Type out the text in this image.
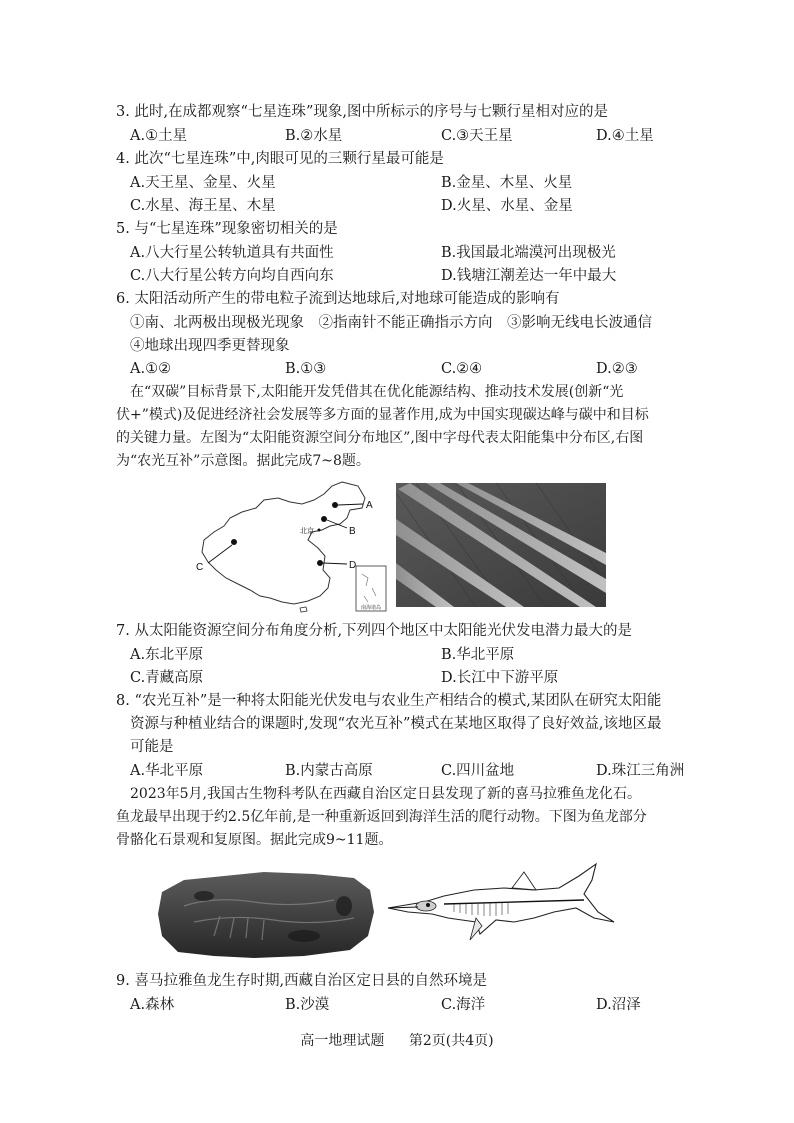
3. 此时,在成都观察“七星连珠”现象,图中所标示的序号与七颗行星相对应的是
A.①土星	B.②水星	C.③天王星	D.④土星
4. 此次“七星连珠”中,肉眼可见的三颗行星最可能是
A.天王星、金星、火星	B.金星、木星、火星
C.水星、海王星、木星	D.火星、水星、金星
5. 与“七星连珠”现象密切相关的是
A.八大行星公转轨道具有共面性	B.我国最北端漠河出现极光
C.八大行星公转方向均自西向东	D.钱塘江潮差达一年中最大
6. 太阳活动所产生的带电粒子流到达地球后,对地球可能造成的影响有
①南、北两极出现极光现象　②指南针不能正确指示方向　③影响无线电长波通信
④地球出现四季更替现象
A.①②	B.①③	C.②④	D.②③
在“双碳”目标背景下,太阳能开发凭借其在优化能源结构、推动技术发展(创新“光
伏+”模式)及促进经济社会发展等多方面的显著作用,成为中国实现碳达峰与碳中和目标
的关键力量。左图为“太阳能资源空间分布地区”,图中字母代表太阳能集中分布区,右图
为“农光互补”示意图。据此完成7~8题。
南海诸岛
A
B
北京
C	D
7. 从太阳能资源空间分布角度分析,下列四个地区中太阳能光伏发电潜力最大的是
A.东北平原	B.华北平原
C.青藏高原	D.长江中下游平原
8. “农光互补”是一种将太阳能光伏发电与农业生产相结合的模式,某团队在研究太阳能
资源与种植业结合的课题时,发现“农光互补”模式在某地区取得了良好效益,该地区最
可能是
A.华北平原	B.内蒙古高原	C.四川盆地	D.珠江三角洲
2023年5月,我国古生物科考队在西藏自治区定日县发现了新的喜马拉雅鱼龙化石。
鱼龙最早出现于约2.5亿年前,是一种重新返回到海洋生活的爬行动物。下图为鱼龙部分
骨骼化石景观和复原图。据此完成9~11题。
9. 喜马拉雅鱼龙生存时期,西藏自治区定日县的自然环境是
A.森林	B.沙漠	C.海洋	D.沼泽
高一地理试题 第2页(共4页)
